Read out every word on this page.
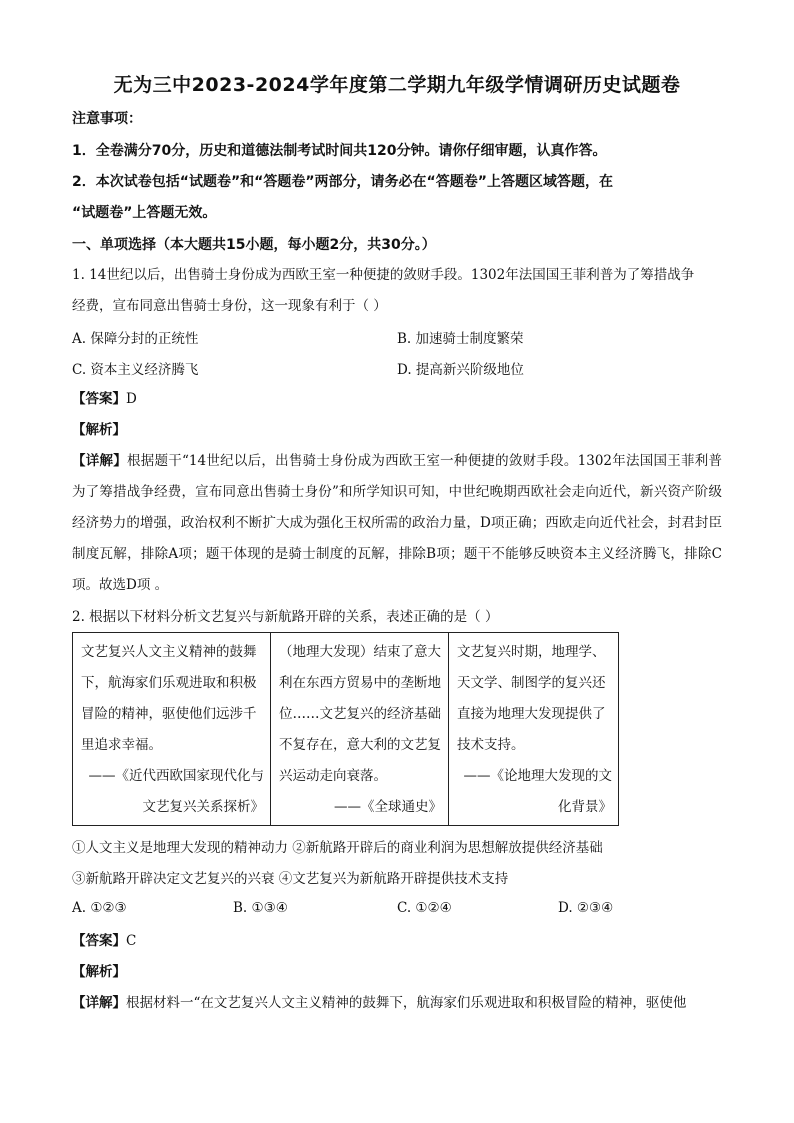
无为三中2023-2024学年度第二学期九年级学情调研历史试题卷
注意事项：
1．全卷满分70分，历史和道德法制考试时间共120分钟。请你仔细审题，认真作答。
2．本次试卷包括“试题卷”和“答题卷”两部分，请务必在“答题卷”上答题区域答题，在
“试题卷”上答题无效。
一、单项选择（本大题共15小题，每小题2分，共30分。）
1. 14世纪以后，出售骑士身份成为西欧王室一种便捷的敛财手段。1302年法国国王菲利普为了筹措战争
经费，宣布同意出售骑士身份，这一现象有利于（ ）
A. 保障分封的正统性	B. 加速骑士制度繁荣
C. 资本主义经济腾飞	D. 提高新兴阶级地位
【答案】D
【解析】
【详解】根据题干“14世纪以后，出售骑士身份成为西欧王室一种便捷的敛财手段。1302年法国国王菲利普为了筹措战争经费，宣布同意出售骑士身份”和所学知识可知，中世纪晚期西欧社会走向近代，新兴资产阶级经济势力的增强，政治权利不断扩大成为强化王权所需的政治力量，D项正确；西欧走向近代社会，封君封臣制度瓦解，排除A项；题干体现的是骑士制度的瓦解，排除B项；题干不能够反映资本主义经济腾飞，排除C项。故选D项 。
2. 根据以下材料分析文艺复兴与新航路开辟的关系，表述正确的是（ ）
文艺复兴人文主义精神的鼓舞下，航海家们乐观进取和积极冒险的精神，驱使他们远涉千里追求幸福。
——《近代西欧国家现代化与文艺复兴关系探析》

（地理大发现）结束了意大利在东西方贸易中的垄断地位……文艺复兴的经济基础不复存在，意大利的文艺复兴运动走向衰落。
——《全球通史》

文艺复兴时期，地理学、天文学、制图学的复兴还直接为地理大发现提供了技术支持。
——《论地理大发现的文化背景》
①人文主义是地理大发现的精神动力 ②新航路开辟后的商业利润为思想解放提供经济基础
③新航路开辟决定文艺复兴的兴衰 ④文艺复兴为新航路开辟提供技术支持
A. ①②③	B. ①③④	C. ①②④	D. ②③④
【答案】C
【解析】
【详解】根据材料一“在文艺复兴人文主义精神的鼓舞下，航海家们乐观进取和积极冒险的精神，驱使他
